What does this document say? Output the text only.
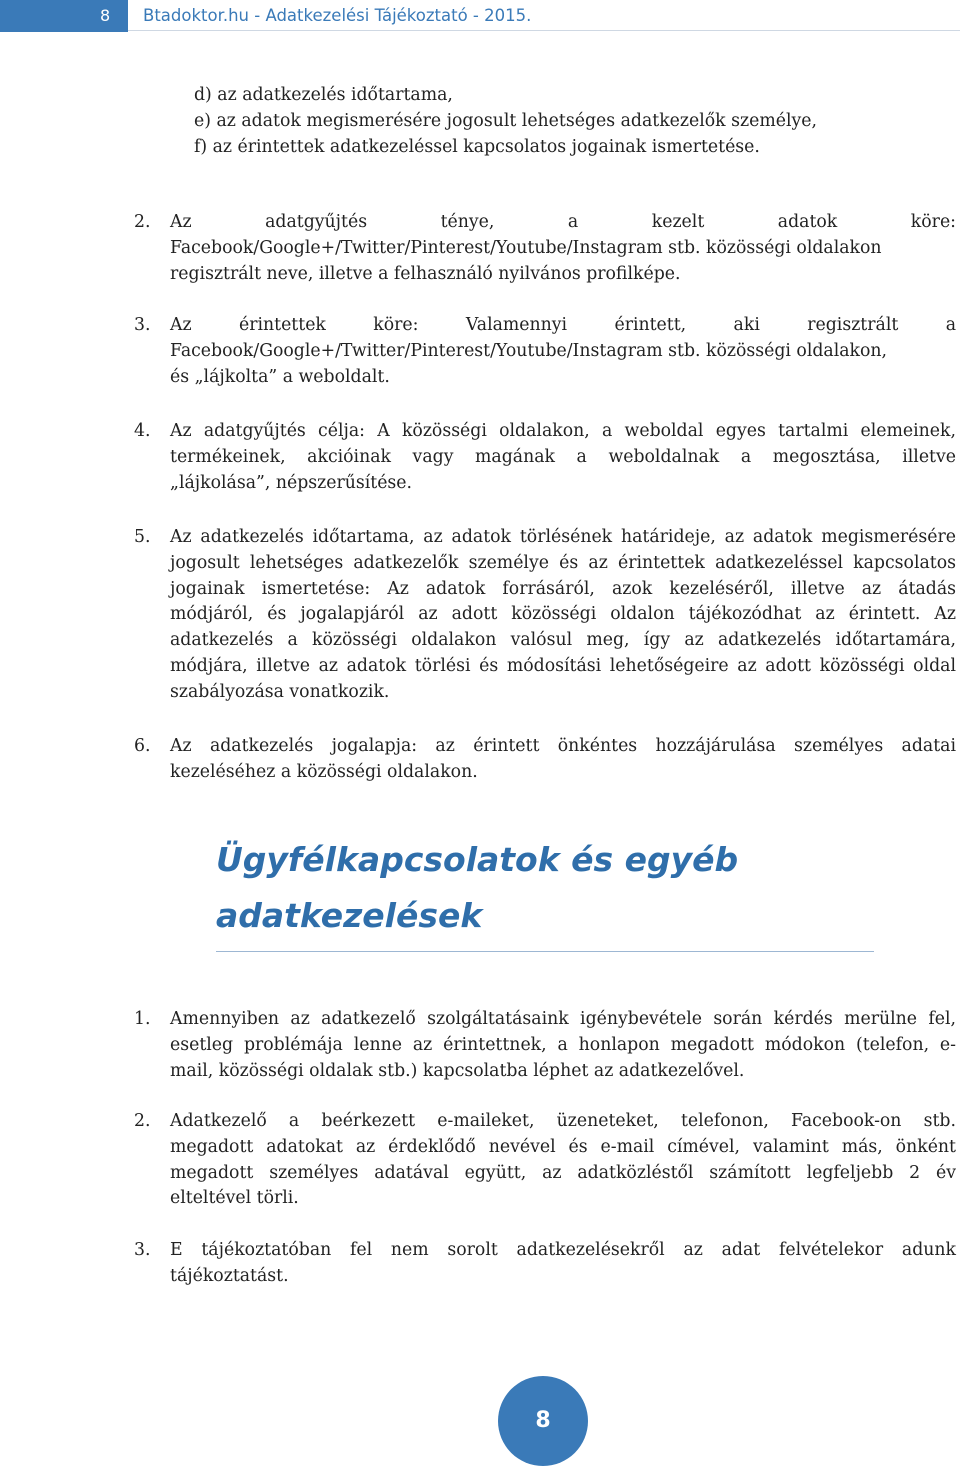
8	Btadoktor.hu - Adatkezelési Tájékoztató - 2015.
d) az adatkezelés időtartama,
e) az adatok megismerésére jogosult lehetséges adatkezelők személye,
f) az érintettek adatkezeléssel kapcsolatos jogainak ismertetése.
2. Az adatgyűjtés ténye, a kezelt adatok köre:
Facebook/Google+/Twitter/Pinterest/Youtube/Instagram stb. közösségi oldalakon
regisztrált neve, illetve a felhasználó nyilvános profilképe.
3. Az érintettek köre: Valamennyi érintett, aki regisztrált a
Facebook/Google+/Twitter/Pinterest/Youtube/Instagram stb. közösségi oldalakon,
és „lájkolta” a weboldalt.
4. Az adatgyűjtés célja: A közösségi oldalakon, a weboldal egyes tartalmi elemeinek,
termékeinek, akcióinak vagy magának a weboldalnak a megosztása, illetve
„lájkolása”, népszerűsítése.
5. Az adatkezelés időtartama, az adatok törlésének határideje, az adatok megismerésére
jogosult lehetséges adatkezelők személye és az érintettek adatkezeléssel kapcsolatos
jogainak ismertetése: Az adatok forrásáról, azok kezeléséről, illetve az átadás
módjáról, és jogalapjáról az adott közösségi oldalon tájékozódhat az érintett. Az
adatkezelés a közösségi oldalakon valósul meg, így az adatkezelés időtartamára,
módjára, illetve az adatok törlési és módosítási lehetőségeire az adott közösségi oldal
szabályozása vonatkozik.
6. Az adatkezelés jogalapja: az érintett önkéntes hozzájárulása személyes adatai
kezeléséhez a közösségi oldalakon.
Ügyfélkapcsolatok és egyéb
adatkezelések
1. Amennyiben az adatkezelő szolgáltatásaink igénybevétele során kérdés merülne fel,
esetleg problémája lenne az érintettnek, a honlapon megadott módokon (telefon, e-
mail, közösségi oldalak stb.) kapcsolatba léphet az adatkezelővel.
2. Adatkezelő a beérkezett e-maileket, üzeneteket, telefonon, Facebook-on stb.
megadott adatokat az érdeklődő nevével és e-mail címével, valamint más, önként
megadott személyes adatával együtt, az adatközléstől számított legfeljebb 2 év
elteltével törli.
3. E tájékoztatóban fel nem sorolt adatkezelésekről az adat felvételekor adunk
tájékoztatást.
8
